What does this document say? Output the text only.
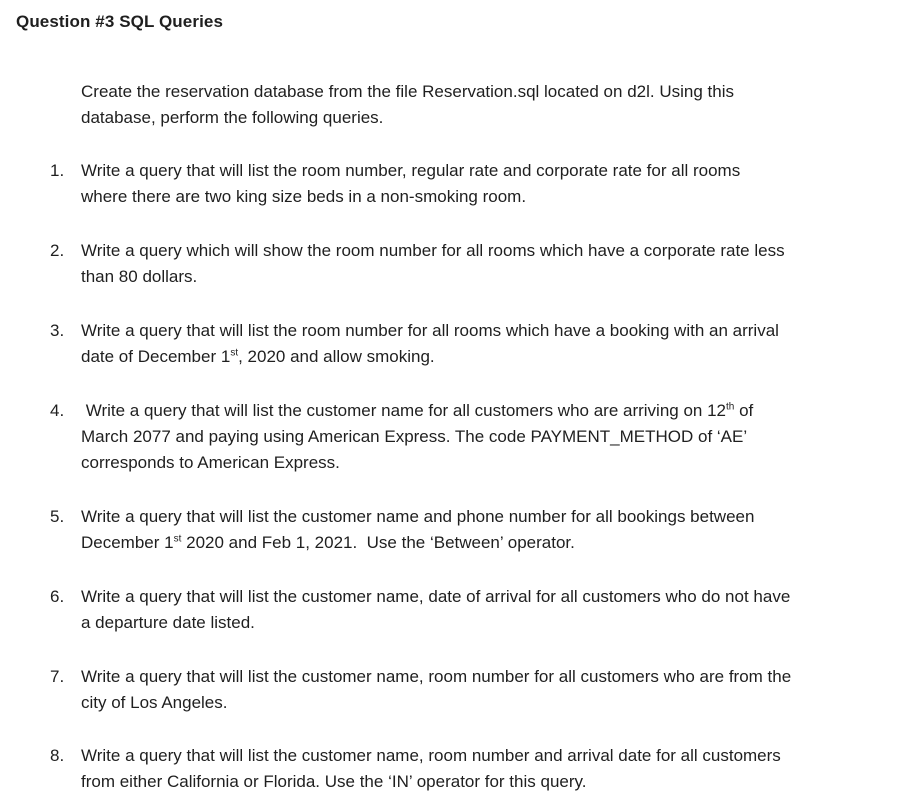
Question #3 SQL Queries
Create the reservation database from the file Reservation.sql located on d2l. Using this
database, perform the following queries.
1. Write a query that will list the room number, regular rate and corporate rate for all rooms
where there are two king size beds in a non-smoking room.
2. Write a query which will show the room number for all rooms which have a corporate rate less
than 80 dollars.
3. Write a query that will list the room number for all rooms which have a booking with an arrival
date of December 1st, 2020 and allow smoking.
4. Write a query that will list the customer name for all customers who are arriving on 12th of
March 2077 and paying using American Express. The code PAYMENT_METHOD of ‘AE’
corresponds to American Express.
5. Write a query that will list the customer name and phone number for all bookings between
December 1st 2020 and Feb 1, 2021.  Use the ‘Between’ operator.
6. Write a query that will list the customer name, date of arrival for all customers who do not have
a departure date listed.
7. Write a query that will list the customer name, room number for all customers who are from the
city of Los Angeles.
8. Write a query that will list the customer name, room number and arrival date for all customers
from either California or Florida. Use the ‘IN’ operator for this query.
